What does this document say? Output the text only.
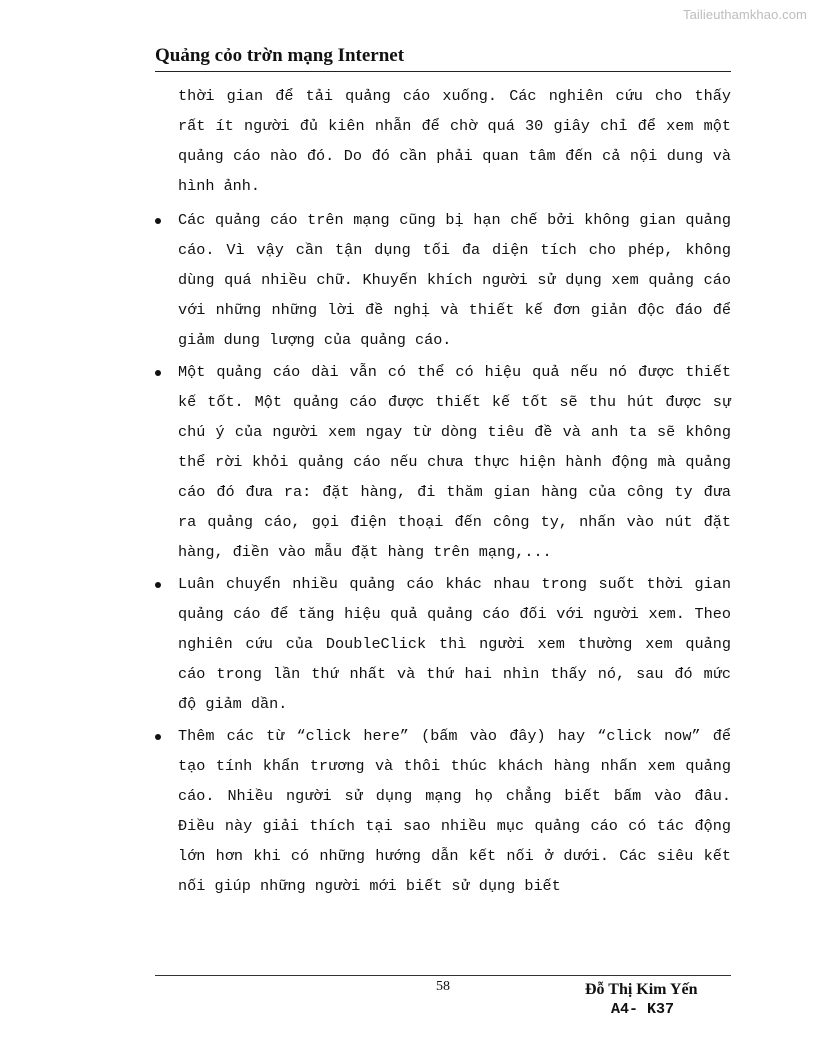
Tailieuthamkhao.com
Quảng cỏo trờn mạng Internet

thời gian để tải quảng cáo xuống. Các nghiên cứu cho thấy rất ít người đủ kiên nhẫn để chờ quá 30 giây chỉ để xem một quảng cáo nào đó. Do đó cần phải quan tâm đến cả nội dung và hình ảnh.

Các quảng cáo trên mạng cũng bị hạn chế bởi không gian quảng cáo. Vì vậy cần tận dụng tối đa diện tích cho phép, không dùng quá nhiều chữ. Khuyến khích người sử dụng xem quảng cáo với những những lời đề nghị và thiết kế đơn giản độc đáo để giảm dung lượng của quảng cáo.
Một quảng cáo dài vẫn có thể có hiệu quả nếu nó được thiết kế tốt. Một quảng cáo được thiết kế tốt sẽ thu hút được sự chú ý của người xem ngay từ dòng tiêu đề và anh ta sẽ không thể rời khỏi quảng cáo nếu chưa thực hiện hành động mà quảng cáo đó đưa ra: đặt hàng, đi thăm gian hàng của công ty đưa ra quảng cáo, gọi điện thoại đến công ty, nhấn vào nút đặt hàng, điền vào mẫu đặt hàng trên mạng,...
Luân chuyển nhiều quảng cáo khác nhau trong suốt thời gian quảng cáo để tăng hiệu quả quảng cáo đối với người xem. Theo nghiên cứu của DoubleClick thì người xem thường xem quảng cáo trong lần thứ nhất và thứ hai nhìn thấy nó, sau đó mức độ giảm dần.
Thêm các từ “click here” (bấm vào đây) hay “click now” để tạo tính khẩn trương và thôi thúc khách hàng nhấn xem quảng cáo. Nhiều người sử dụng mạng họ chẳng biết bấm vào đâu. Điều này giải thích tại sao nhiều mục quảng cáo có tác động lớn hơn khi có những hướng dẫn kết nối ở dưới. Các siêu kết nối giúp những người mới biết sử dụng biết
58	Đỗ Thị Kim Yến
A4- K37
